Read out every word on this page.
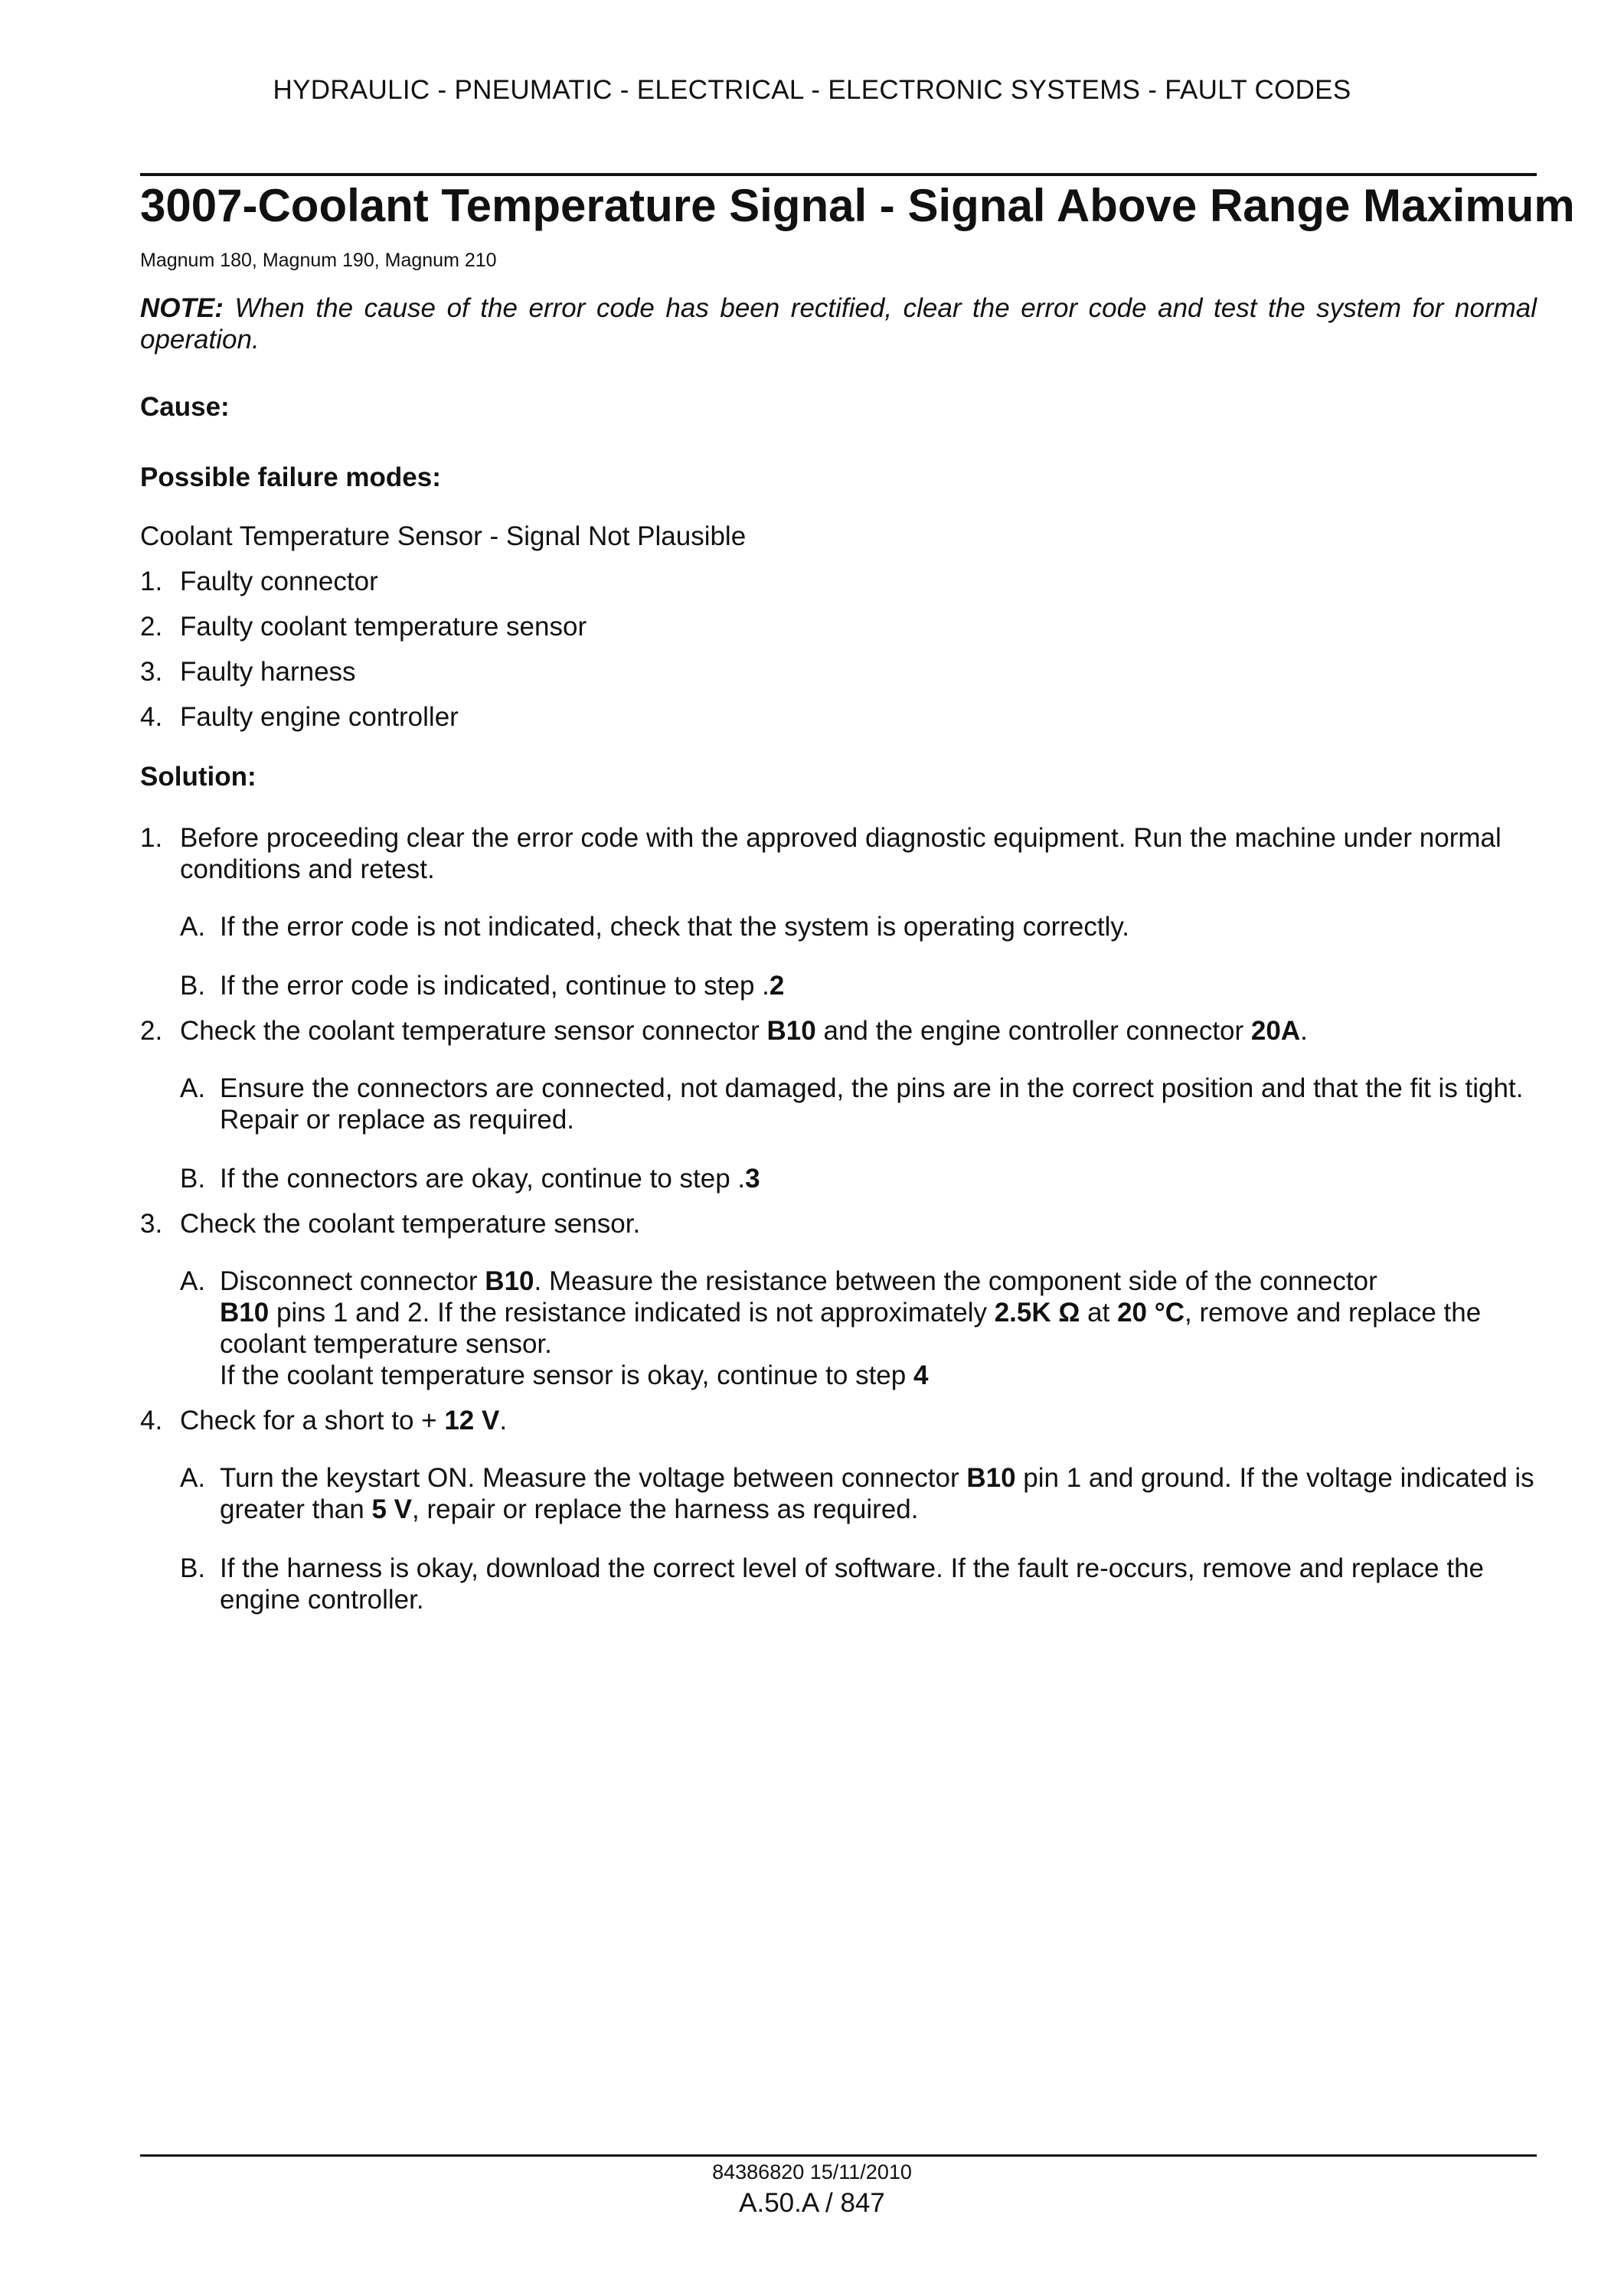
HYDRAULIC - PNEUMATIC - ELECTRICAL - ELECTRONIC SYSTEMS - FAULT CODES
3007-Coolant Temperature Signal - Signal Above Range Maximum
Magnum 180, Magnum 190, Magnum 210

NOTE: When the cause of the error code has been rectified, clear the error code and test the system for normal operation.

Cause:

Possible failure modes:

Coolant Temperature Sensor - Signal Not Plausible

1. Faulty connector
2. Faulty coolant temperature sensor
3. Faulty harness
4. Faulty engine controller

Solution:

1. Before proceeding clear the error code with the approved diagnostic equipment. Run the machine under normal conditions and retest.
A. If the error code is not indicated, check that the system is operating correctly.
B. If the error code is indicated, continue to step .2
2. Check the coolant temperature sensor connector B10 and the engine controller connector 20A.
A. Ensure the connectors are connected, not damaged, the pins are in the correct position and that the fit is tight. Repair or replace as required.
B. If the connectors are okay, continue to step .3
3. Check the coolant temperature sensor.
A. Disconnect connector B10. Measure the resistance between the component side of the connector
B10 pins 1 and 2. If the resistance indicated is not approximately 2.5K Ω at 20 °C, remove and replace the coolant temperature sensor.
If the coolant temperature sensor is okay, continue to step 4
4. Check for a short to + 12 V.
A. Turn the keystart ON. Measure the voltage between connector B10 pin 1 and ground. If the voltage indicated is greater than 5 V, repair or replace the harness as required.
B. If the harness is okay, download the correct level of software. If the fault re-occurs, remove and replace the engine controller.
84386820 15/11/2010
A.50.A / 847
